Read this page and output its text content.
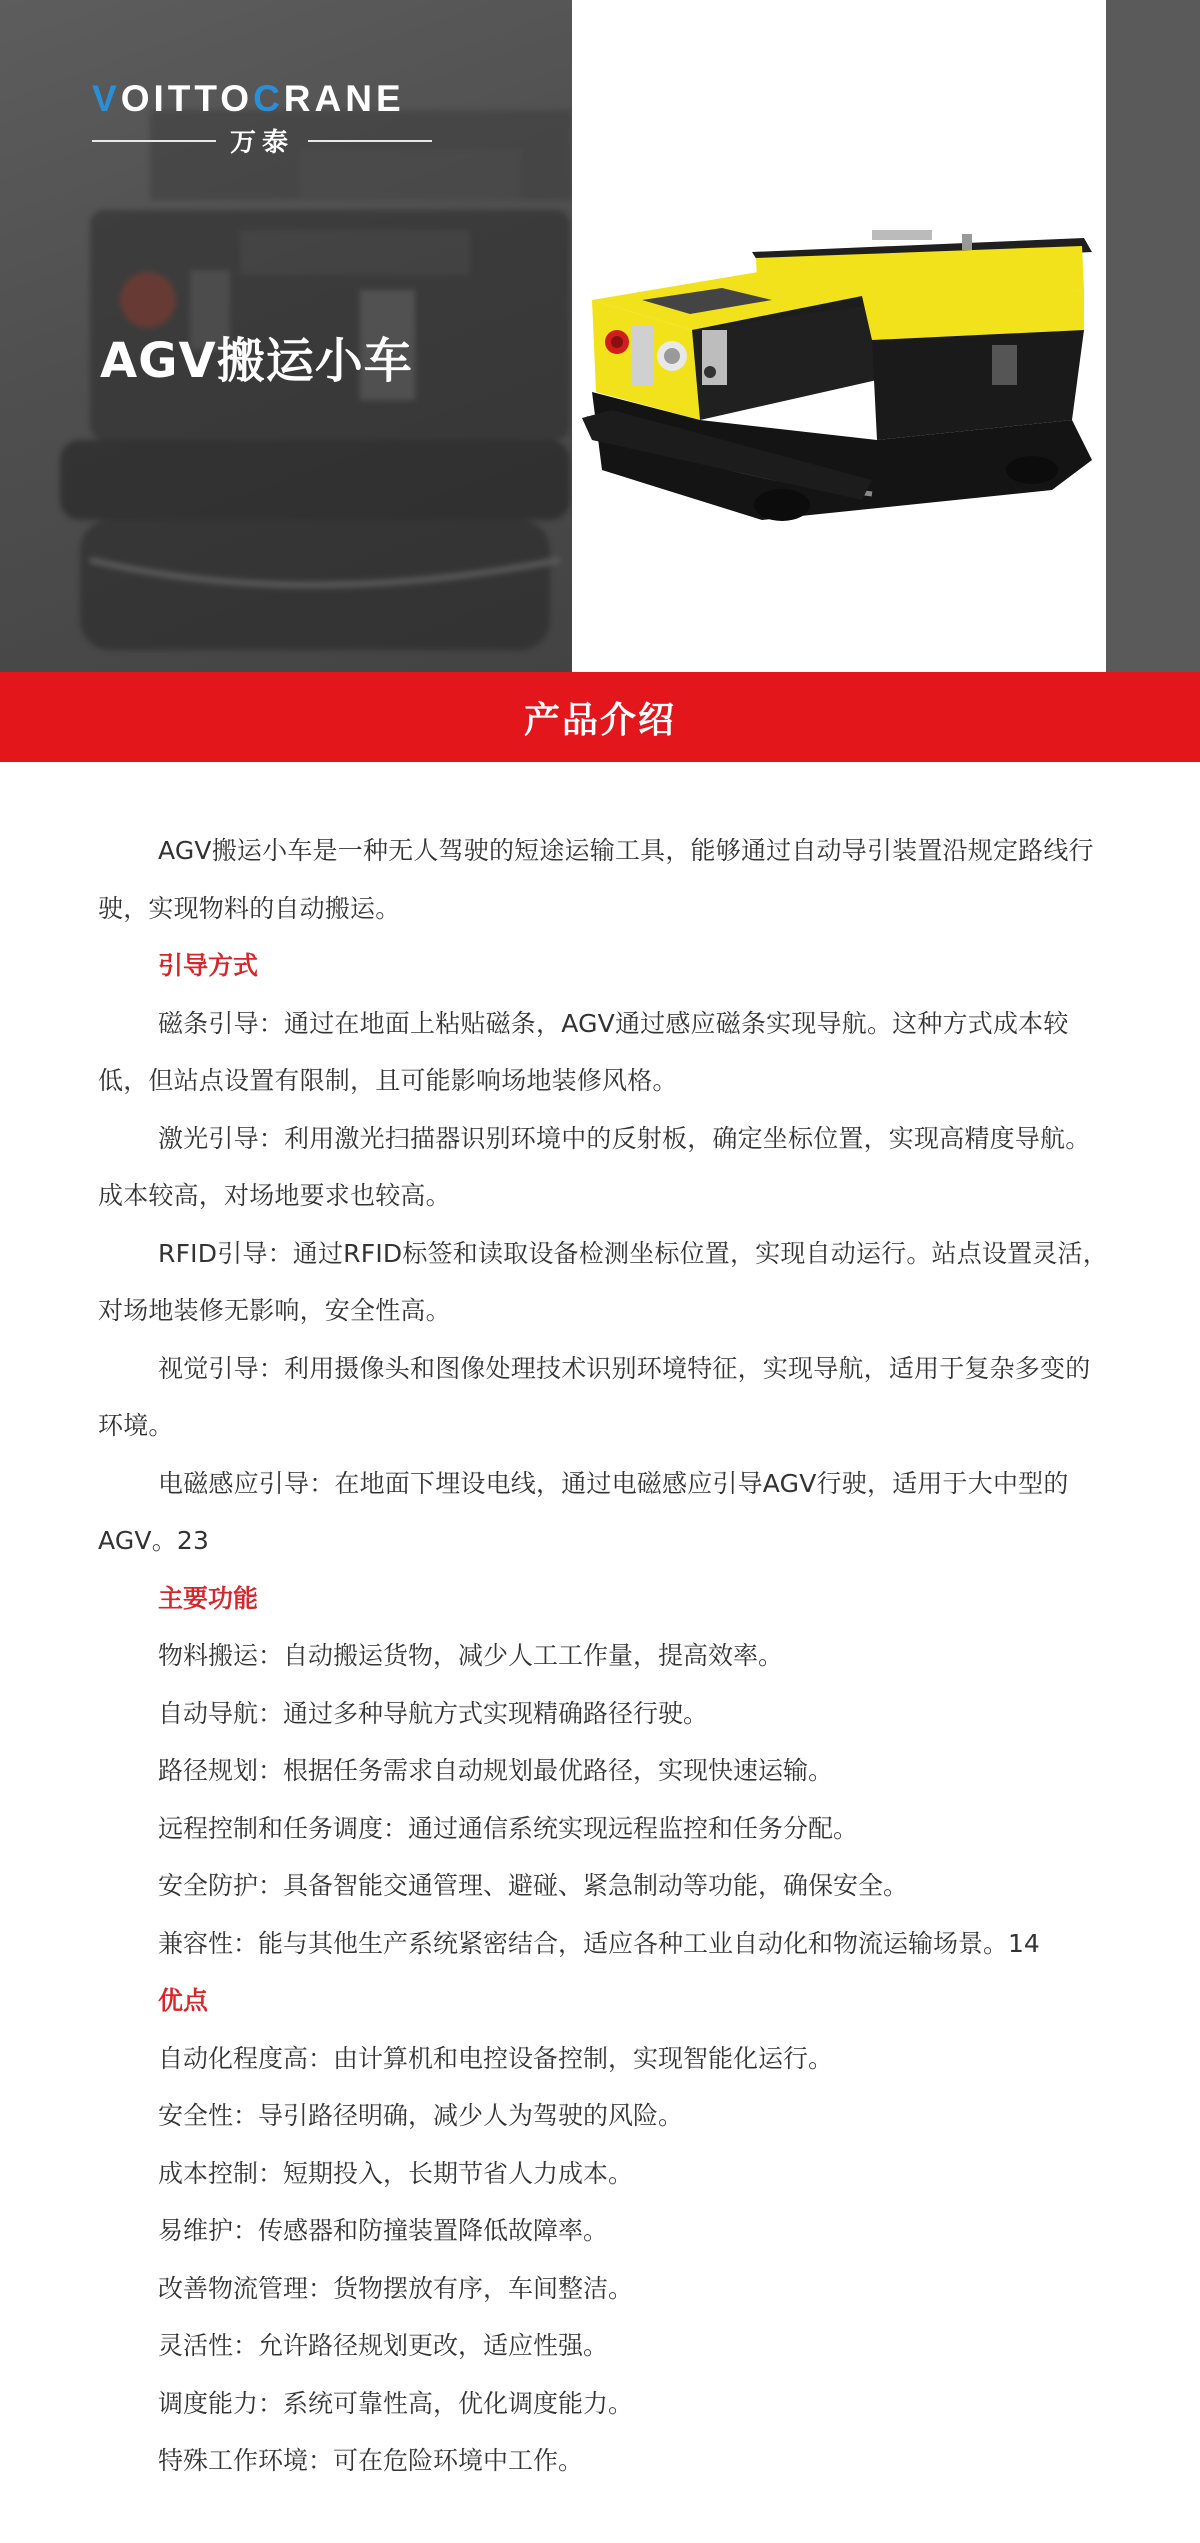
VOITTOCRANE
万泰
AGV搬运小车
产品介绍

AGV搬运小车是一种无人驾驶的短途运输工具，能够通过自动导引装置沿规定路线行驶，实现物料的自动搬运。

引导方式

磁条引导：通过在地面上粘贴磁条，AGV通过感应磁条实现导航。这种方式成本较低，但站点设置有限制，且可能影响场地装修风格。

激光引导：利用激光扫描器识别环境中的反射板，确定坐标位置，实现高精度导航。成本较高，对场地要求也较高。

RFID引导：通过RFID标签和读取设备检测坐标位置，实现自动运行。站点设置灵活，对场地装修无影响，安全性高。

视觉引导：利用摄像头和图像处理技术识别环境特征，实现导航，适用于复杂多变的环境。

电磁感应引导：在地面下埋设电线，通过电磁感应引导AGV行驶，适用于大中型的AGV。23

主要功能

物料搬运：自动搬运货物，减少人工工作量，提高效率。

自动导航：通过多种导航方式实现精确路径行驶。

路径规划：根据任务需求自动规划最优路径，实现快速运输。

远程控制和任务调度：通过通信系统实现远程监控和任务分配。

安全防护：具备智能交通管理、避碰、紧急制动等功能，确保安全。

兼容性：能与其他生产系统紧密结合，适应各种工业自动化和物流运输场景。14

优点

自动化程度高：由计算机和电控设备控制，实现智能化运行。

安全性：导引路径明确，减少人为驾驶的风险。

成本控制：短期投入，长期节省人力成本。

易维护：传感器和防撞装置降低故障率。

改善物流管理：货物摆放有序，车间整洁。

灵活性：允许路径规划更改，适应性强。

调度能力：系统可靠性高，优化调度能力。

特殊工作环境：可在危险环境中工作。
